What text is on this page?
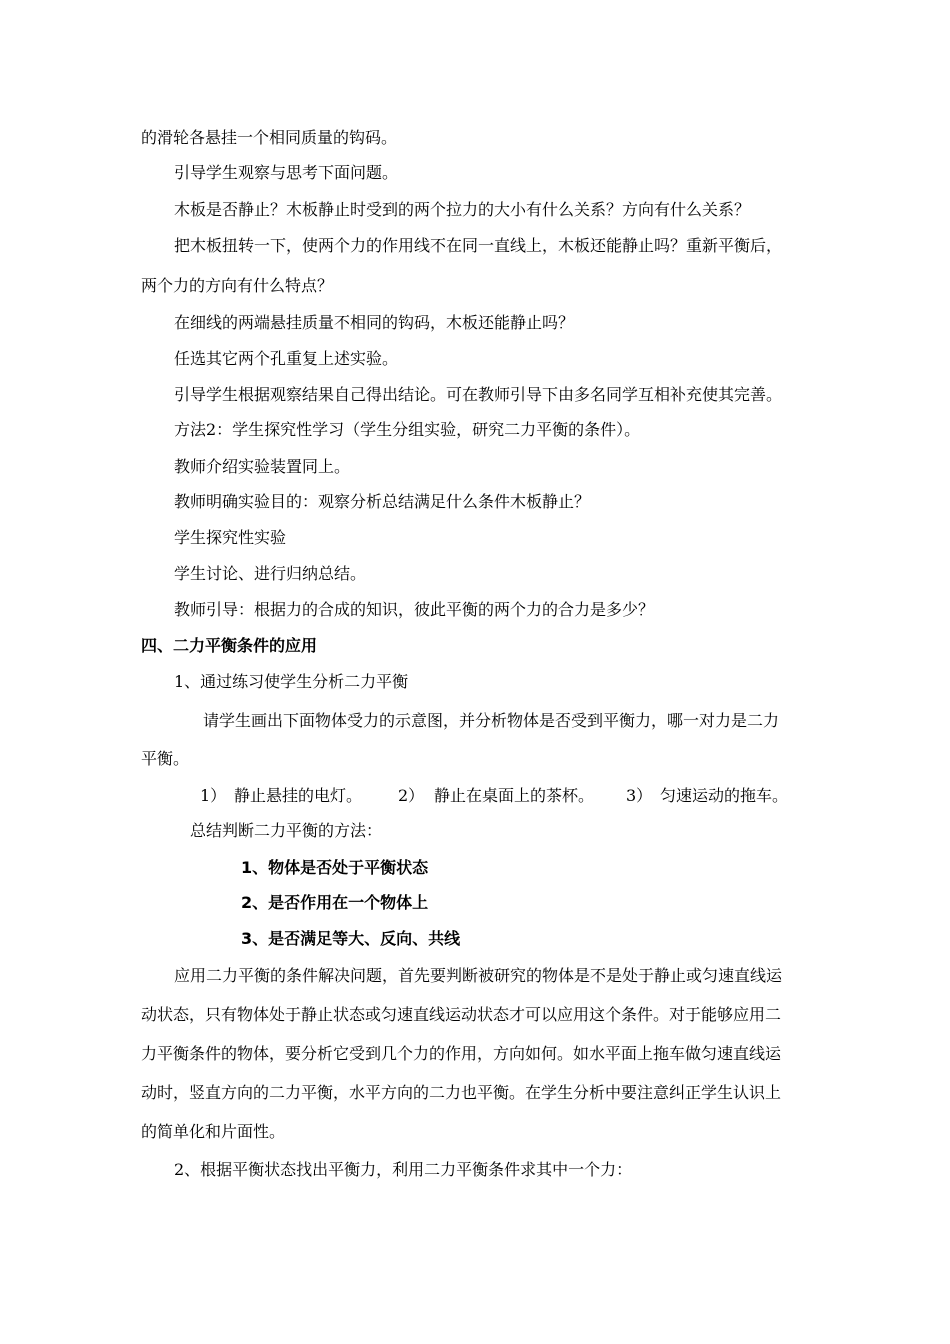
的滑轮各悬挂一个相同质量的钩码。
引导学生观察与思考下面问题。
木板是否静止？木板静止时受到的两个拉力的大小有什么关系？方向有什么关系？
把木板扭转一下，使两个力的作用线不在同一直线上，木板还能静止吗？重新平衡后，
两个力的方向有什么特点？
在细线的两端悬挂质量不相同的钩码，木板还能静止吗？
任选其它两个孔重复上述实验。
引导学生根据观察结果自己得出结论。可在教师引导下由多名同学互相补充使其完善。
方法2：学生探究性学习（学生分组实验，研究二力平衡的条件）。
教师介绍实验装置同上。
教师明确实验目的：观察分析总结满足什么条件木板静止？
学生探究性实验
学生讨论、进行归纳总结。
教师引导：根据力的合成的知识，彼此平衡的两个力的合力是多少？
四、二力平衡条件的应用
1、通过练习使学生分析二力平衡
请学生画出下面物体受力的示意图，并分析物体是否受到平衡力，哪一对力是二力
平衡。
1） 静止悬挂的电灯。 2） 静止在桌面上的茶杯。 3） 匀速运动的拖车。
总结判断二力平衡的方法：
1、物体是否处于平衡状态
2、是否作用在一个物体上
3、是否满足等大、反向、共线
应用二力平衡的条件解决问题，首先要判断被研究的物体是不是处于静止或匀速直线运
动状态，只有物体处于静止状态或匀速直线运动状态才可以应用这个条件。对于能够应用二
力平衡条件的物体，要分析它受到几个力的作用，方向如何。如水平面上拖车做匀速直线运
动时，竖直方向的二力平衡，水平方向的二力也平衡。在学生分析中要注意纠正学生认识上
的简单化和片面性。
2、根据平衡状态找出平衡力，利用二力平衡条件求其中一个力：
